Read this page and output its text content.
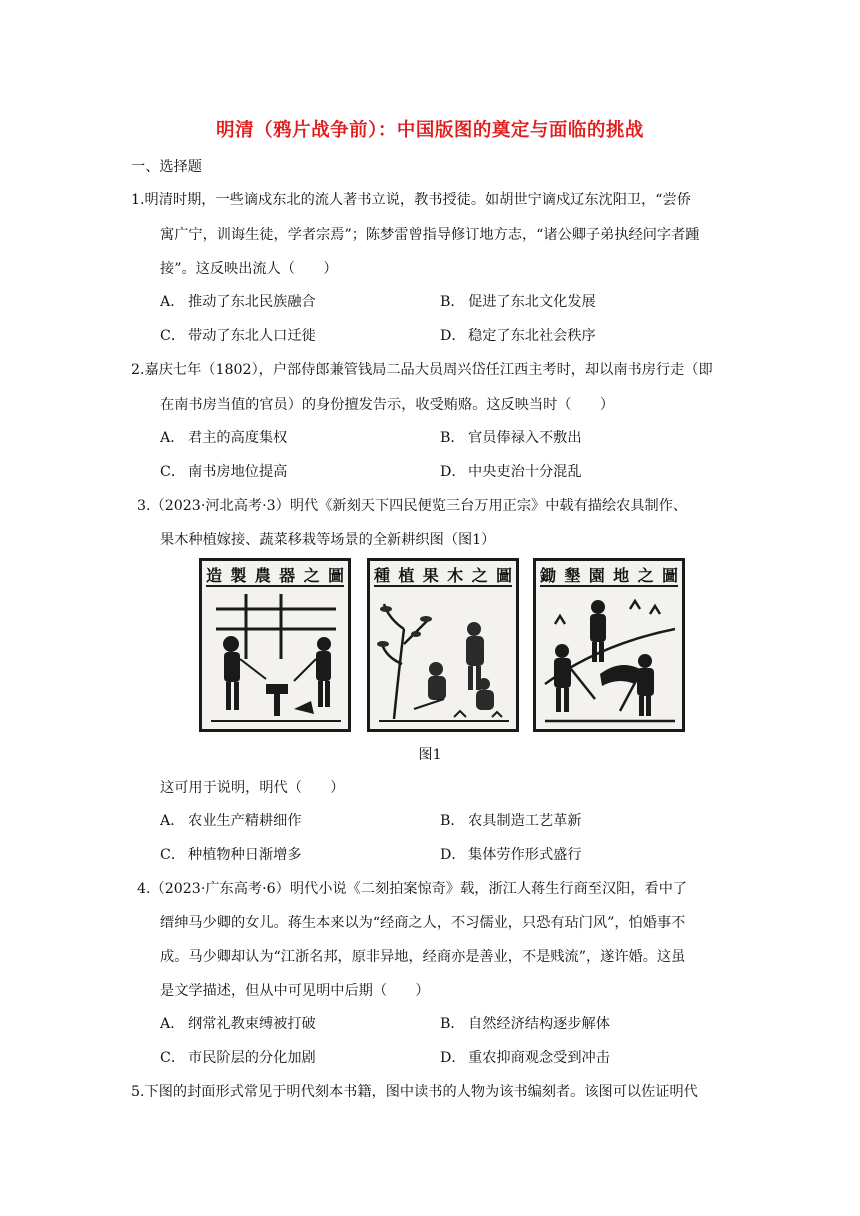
明清（鸦片战争前）：中国版图的奠定与面临的挑战
一、选择题
1.明清时期，一些谪戍东北的流人著书立说，教书授徒。如胡世宁谪戍辽东沈阳卫，“尝侨
寓广宁，训诲生徒，学者宗焉”；陈梦雷曾指导修订地方志，“诸公卿子弟执经问字者踵
接”。这反映出流人（　　）
A． 推动了东北民族融合	B． 促进了东北文化发展
C． 带动了东北人口迁徙	D． 稳定了东北社会秩序
2.嘉庆七年（1802），户部侍郎兼管钱局二品大员周兴岱任江西主考时，却以南书房行走（即
在南书房当值的官员）的身份擅发告示，收受贿赂。这反映当时（　　）
A． 君主的高度集权	B． 官员俸禄入不敷出
C． 南书房地位提高	D． 中央吏治十分混乱
3.（2023·河北高考·3）明代《新刻天下四民便览三台万用正宗》中载有描绘农具制作、
果木种植嫁接、蔬菜移栽等场景的全新耕织图（图1）
造 製 農 器 之 圖 種 植 果 木 之 圖 鋤 墾 園 地 之 圖
图1
这可用于说明，明代（　　）
A． 农业生产精耕细作	B． 农具制造工艺革新
C． 种植物种日渐增多	D． 集体劳作形式盛行
4.（2023·广东高考·6）明代小说《二刻拍案惊奇》载，浙江人蒋生行商至汉阳，看中了
缙绅马少卿的女儿。蒋生本来以为“经商之人，不习儒业，只恐有玷门风”，怕婚事不
成。马少卿却认为“江浙名邦，原非异地，经商亦是善业，不是贱流”，遂许婚。这虽
是文学描述，但从中可见明中后期（　　）
A． 纲常礼教束缚被打破	B． 自然经济结构逐步解体
C． 市民阶层的分化加剧	D． 重农抑商观念受到冲击
5.下图的封面形式常见于明代刻本书籍，图中读书的人物为该书编刻者。该图可以佐证明代
